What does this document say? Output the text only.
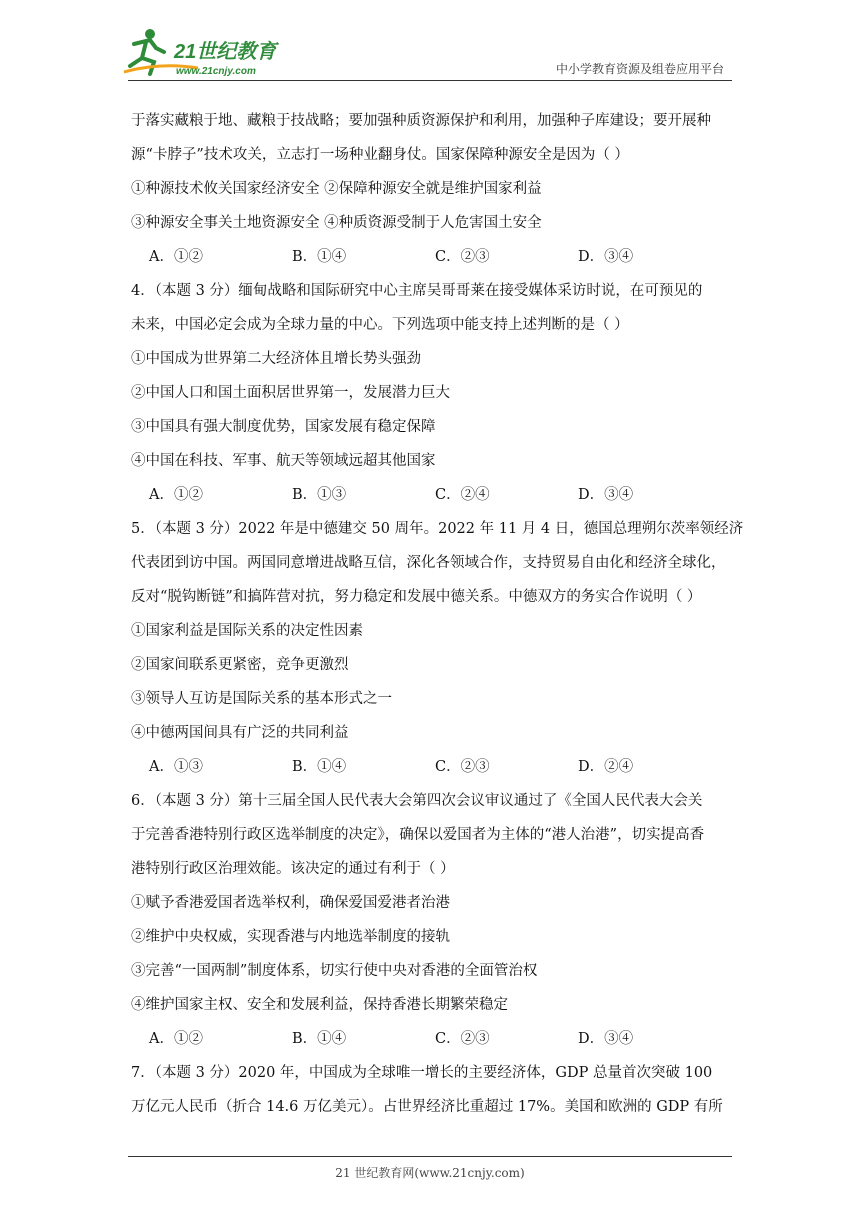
21世纪教育
www.21cnjy.com	中小学教育资源及组卷应用平台
于落实藏粮于地、藏粮于技战略；要加强种质资源保护和利用，加强种子库建设；要开展种
源“卡脖子”技术攻关，立志打一场种业翻身仗。国家保障种源安全是因为（ ）
①种源技术攸关国家经济安全 ②保障种源安全就是维护国家利益
③种源安全事关土地资源安全 ④种质资源受制于人危害国土安全
A．①②	B．①④	C．②③	D．③④
4．（本题 3 分）缅甸战略和国际研究中心主席吴哥哥莱在接受媒体采访时说，在可预见的
未来，中国必定会成为全球力量的中心。下列选项中能支持上述判断的是（ ）
①中国成为世界第二大经济体且增长势头强劲
②中国人口和国土面积居世界第一，发展潜力巨大
③中国具有强大制度优势，国家发展有稳定保障
④中国在科技、军事、航天等领域远超其他国家
A．①②	B．①③	C．②④	D．③④
5．（本题 3 分）2022 年是中德建交 50 周年。2022 年 11 月 4 日，德国总理朔尔茨率领经济
代表团到访中国。两国同意增进战略互信，深化各领域合作，支持贸易自由化和经济全球化，
反对“脱钩断链”和搞阵营对抗，努力稳定和发展中德关系。中德双方的务实合作说明（ ）
①国家利益是国际关系的决定性因素
②国家间联系更紧密，竞争更激烈
③领导人互访是国际关系的基本形式之一
④中德两国间具有广泛的共同利益
A．①③	B．①④	C．②③	D．②④
6．（本题 3 分）第十三届全国人民代表大会第四次会议审议通过了《全国人民代表大会关
于完善香港特别行政区选举制度的决定》，确保以爱国者为主体的“港人治港”，切实提高香
港特别行政区治理效能。该决定的通过有利于（ ）
①赋予香港爱国者选举权利，确保爱国爱港者治港
②维护中央权威，实现香港与内地选举制度的接轨
③完善“一国两制”制度体系，切实行使中央对香港的全面管治权
④维护国家主权、安全和发展利益，保持香港长期繁荣稳定
A．①②	B．①④	C．②③	D．③④
7．（本题 3 分）2020 年，中国成为全球唯一增长的主要经济体，GDP 总量首次突破 100
万亿元人民币（折合 14.6 万亿美元）。占世界经济比重超过 17%。美国和欧洲的 GDP 有所
21 世纪教育网(www.21cnjy.com)
